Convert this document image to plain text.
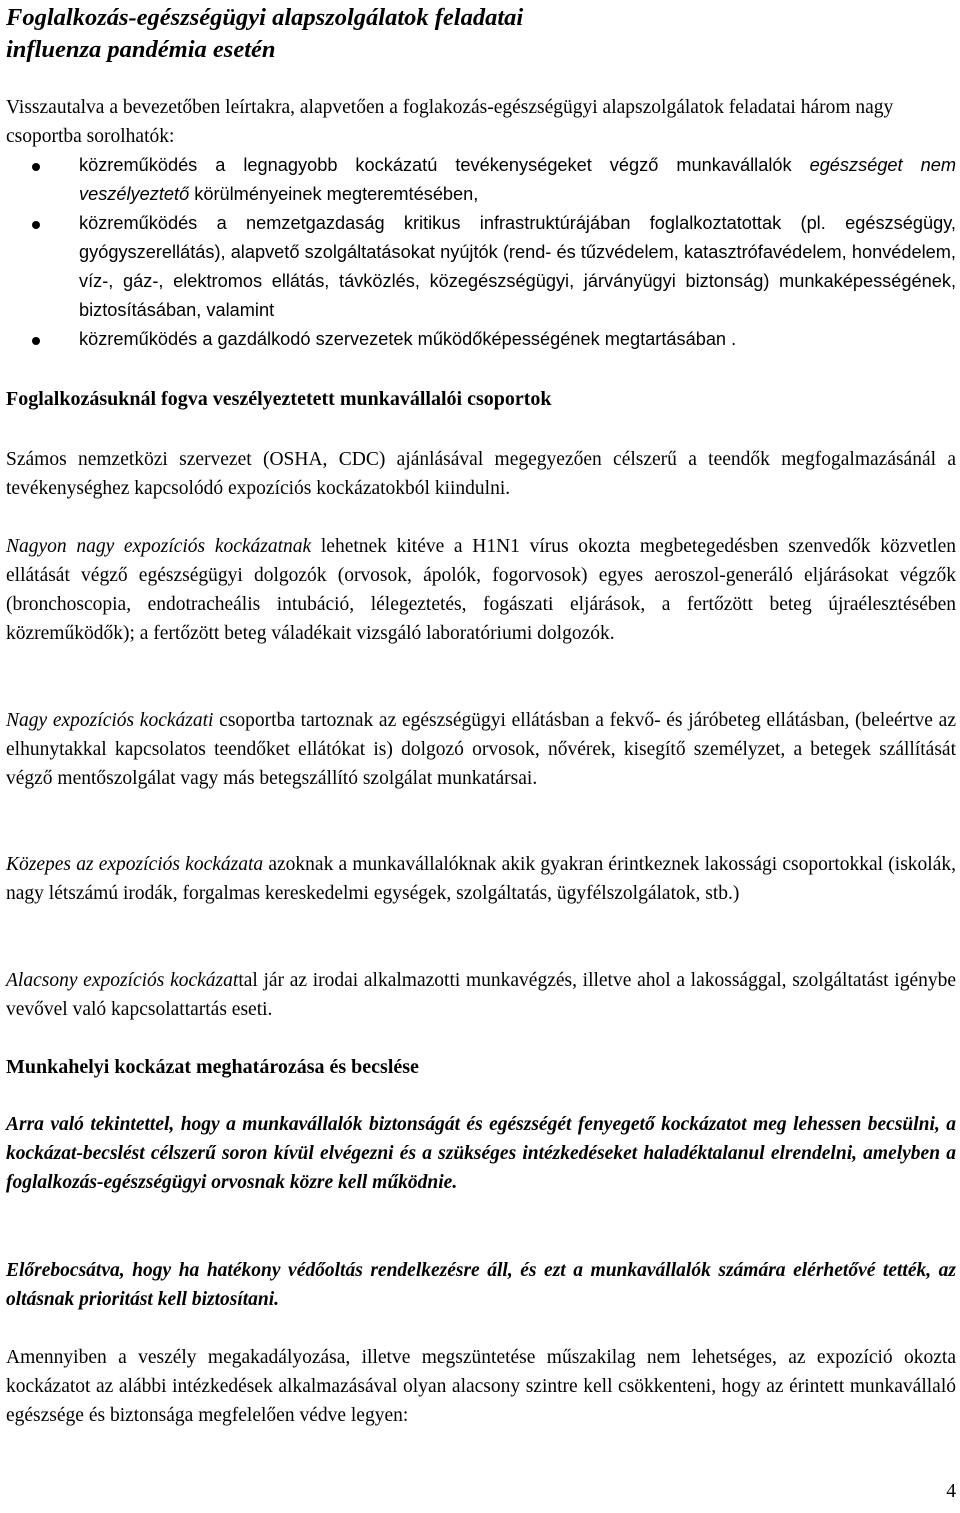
Foglalkozás-egészségügyi alapszolgálatok feladatai
influenza pandémia esetén
Visszautalva a bevezetőben leírtakra, alapvetően a foglakozás-egészségügyi alapszolgálatok feladatai három nagy csoportba sorolhatók:
közreműködés a legnagyobb kockázatú tevékenységeket végző munkavállalók egészséget nem veszélyeztető körülményeinek megteremtésében,
közreműködés a nemzetgazdaság kritikus infrastruktúrájában foglalkoztatottak (pl. egészségügy, gyógyszerellátás), alapvető szolgáltatásokat nyújtók (rend- és tűzvédelem, katasztrófavédelem, honvédelem, víz-, gáz-, elektromos ellátás, távközlés, közegészségügyi, járványügyi biztonság) munkaképességének, biztosításában, valamint
közreműködés a gazdálkodó szervezetek működőképességének megtartásában .
Foglalkozásuknál fogva veszélyeztetett munkavállalói csoportok
Számos nemzetközi szervezet (OSHA, CDC) ajánlásával megegyezően célszerű a teendők megfogalmazásánál a tevékenységhez kapcsolódó expozíciós kockázatokból kiindulni.
Nagyon nagy expozíciós kockázatnak lehetnek kitéve a H1N1 vírus okozta megbetegedésben szenvedők közvetlen ellátását végző egészségügyi dolgozók (orvosok, ápolók, fogorvosok) egyes aeroszol-generáló eljárásokat végzők (bronchoscopia, endotracheális intubáció, lélegeztetés, fogászati eljárások, a fertőzött beteg újraélesztésében közreműködők); a fertőzött beteg váladékait vizsgáló laboratóriumi dolgozók.
Nagy expozíciós kockázati csoportba tartoznak az egészségügyi ellátásban a fekvő- és járóbeteg ellátásban, (beleértve az elhunytakkal kapcsolatos teendőket ellátókat is) dolgozó orvosok, nővérek, kisegítő személyzet, a betegek szállítását végző mentőszolgálat vagy más betegszállító szolgálat munkatársai.
Közepes az expozíciós kockázata azoknak a munkavállalóknak akik gyakran érintkeznek lakossági csoportokkal (iskolák, nagy létszámú irodák, forgalmas kereskedelmi egységek, szolgáltatás, ügyfélszolgálatok, stb.)
Alacsony expozíciós kockázattal jár az irodai alkalmazotti munkavégzés, illetve ahol a lakossággal, szolgáltatást igénybe vevővel való kapcsolattartás eseti.
Munkahelyi kockázat meghatározása és becslése
Arra való tekintettel, hogy a munkavállalók biztonságát és egészségét fenyegető kockázatot meg lehessen becsülni, a kockázat-becslést célszerű soron kívül elvégezni és a szükséges intézkedéseket haladéktalanul elrendelni, amelyben a foglalkozás-egészségügyi orvosnak közre kell működnie.
Előrebocsátva, hogy ha hatékony védőoltás rendelkezésre áll, és ezt a munkavállalók számára elérhetővé tették, az oltásnak prioritást kell biztosítani.
Amennyiben a veszély megakadályozása, illetve megszüntetése műszakilag nem lehetséges, az expozíció okozta kockázatot az alábbi intézkedések alkalmazásával olyan alacsony szintre kell csökkenteni, hogy az érintett munkavállaló egészsége és biztonsága megfelelően védve legyen:
4
